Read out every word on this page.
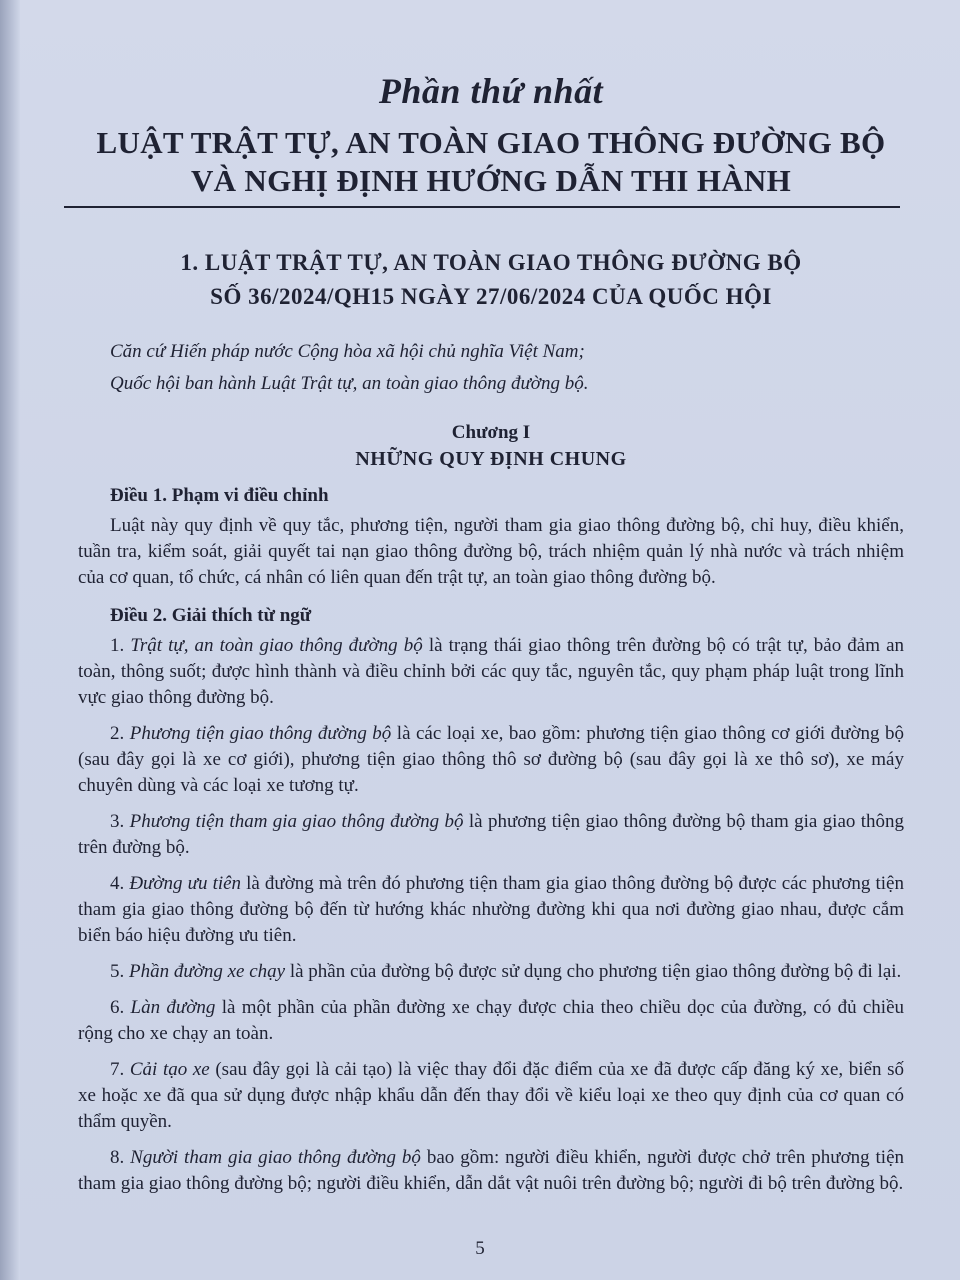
Phần thứ nhất
LUẬT TRẬT TỰ, AN TOÀN GIAO THÔNG ĐƯỜNG BỘ
VÀ NGHỊ ĐỊNH HƯỚNG DẪN THI HÀNH
1. LUẬT TRẬT TỰ, AN TOÀN GIAO THÔNG ĐƯỜNG BỘ
SỐ 36/2024/QH15 NGÀY 27/06/2024 CỦA QUỐC HỘI

Căn cứ Hiến pháp nước Cộng hòa xã hội chủ nghĩa Việt Nam;

Quốc hội ban hành Luật Trật tự, an toàn giao thông đường bộ.

Chương I
NHỮNG QUY ĐỊNH CHUNG
Điều 1. Phạm vi điều chỉnh

Luật này quy định về quy tắc, phương tiện, người tham gia giao thông đường bộ, chỉ huy, điều khiển, tuần tra, kiểm soát, giải quyết tai nạn giao thông đường bộ, trách nhiệm quản lý nhà nước và trách nhiệm của cơ quan, tổ chức, cá nhân có liên quan đến trật tự, an toàn giao thông đường bộ.

Điều 2. Giải thích từ ngữ

1. Trật tự, an toàn giao thông đường bộ là trạng thái giao thông trên đường bộ có trật tự, bảo đảm an toàn, thông suốt; được hình thành và điều chỉnh bởi các quy tắc, nguyên tắc, quy phạm pháp luật trong lĩnh vực giao thông đường bộ.

2. Phương tiện giao thông đường bộ là các loại xe, bao gồm: phương tiện giao thông cơ giới đường bộ (sau đây gọi là xe cơ giới), phương tiện giao thông thô sơ đường bộ (sau đây gọi là xe thô sơ), xe máy chuyên dùng và các loại xe tương tự.

3. Phương tiện tham gia giao thông đường bộ là phương tiện giao thông đường bộ tham gia giao thông trên đường bộ.

4. Đường ưu tiên là đường mà trên đó phương tiện tham gia giao thông đường bộ được các phương tiện tham gia giao thông đường bộ đến từ hướng khác nhường đường khi qua nơi đường giao nhau, được cắm biển báo hiệu đường ưu tiên.

5. Phần đường xe chạy là phần của đường bộ được sử dụng cho phương tiện giao thông đường bộ đi lại.

6. Làn đường là một phần của phần đường xe chạy được chia theo chiều dọc của đường, có đủ chiều rộng cho xe chạy an toàn.

7. Cải tạo xe (sau đây gọi là cải tạo) là việc thay đổi đặc điểm của xe đã được cấp đăng ký xe, biển số xe hoặc xe đã qua sử dụng được nhập khẩu dẫn đến thay đổi về kiểu loại xe theo quy định của cơ quan có thẩm quyền.

8. Người tham gia giao thông đường bộ bao gồm: người điều khiển, người được chở trên phương tiện tham gia giao thông đường bộ; người điều khiển, dẫn dắt vật nuôi trên đường bộ; người đi bộ trên đường bộ.

5
